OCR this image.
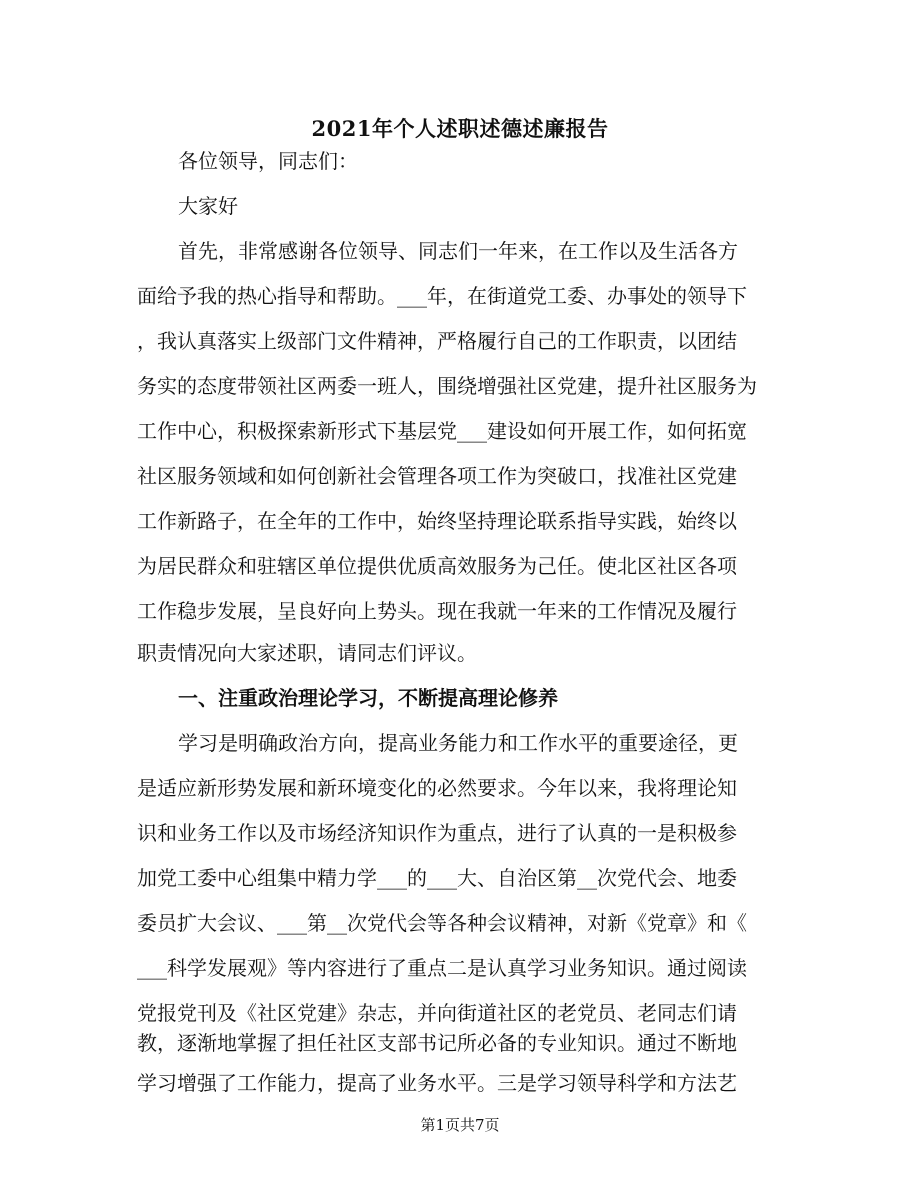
2021年个人述职述德述廉报告
各位领导，同志们：
大家好
首先，非常感谢各位领导、同志们一年来，在工作以及生活各方
面给予我的热心指导和帮助。___年，在街道党工委、办事处的领导下
，我认真落实上级部门文件精神，严格履行自己的工作职责，以团结
务实的态度带领社区两委一班人，围绕增强社区党建，提升社区服务为
工作中心，积极探索新形式下基层党___建设如何开展工作，如何拓宽
社区服务领域和如何创新社会管理各项工作为突破口，找准社区党建
工作新路子，在全年的工作中，始终坚持理论联系指导实践，始终以
为居民群众和驻辖区单位提供优质高效服务为己任。使北区社区各项
工作稳步发展，呈良好向上势头。现在我就一年来的工作情况及履行
职责情况向大家述职，请同志们评议。
一、注重政治理论学习，不断提高理论修养
学习是明确政治方向，提高业务能力和工作水平的重要途径，更
是适应新形势发展和新环境变化的必然要求。今年以来，我将理论知
识和业务工作以及市场经济知识作为重点，进行了认真的一是积极参
加党工委中心组集中精力学___的___大、自治区第__次党代会、地委
委员扩大会议、___第__次党代会等各种会议精神，对新《党章》和《
___科学发展观》等内容进行了重点二是认真学习业务知识。通过阅读
党报党刊及《社区党建》杂志，并向街道社区的老党员、老同志们请
教，逐渐地掌握了担任社区支部书记所必备的专业知识。通过不断地
第1页共7页
学习增强了工作能力，提高了业务水平。三是学习领导科学和方法艺
